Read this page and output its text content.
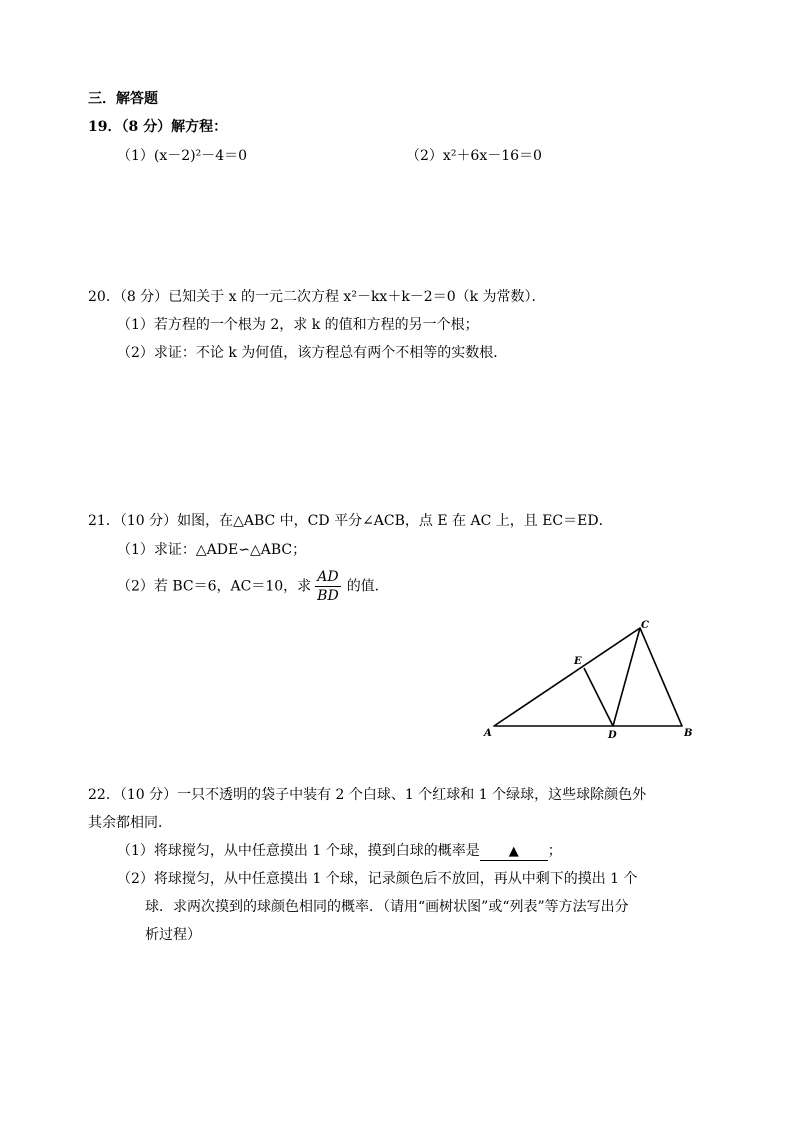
三．解答题
19．（8 分）解方程：
（1）(x－2)²－4＝0	（2）x²＋6x－16＝0
20．（8 分）已知关于 x 的一元二次方程 x²－kx＋k－2＝0（k 为常数）．
（1）若方程的一个根为 2，求 k 的值和方程的另一个根；
（2）求证：不论 k 为何值，该方程总有两个不相等的实数根．
21．（10 分）如图，在△ABC 中，CD 平分∠ACB，点 E 在 AC 上，且 EC＝ED．
（1）求证：△ADE∽△ABC；
（2）若 BC＝6，AC＝10，求 $\frac{AD}{BD}$ 的值．
A	B
C
D
E
22．（10 分）一只不透明的袋子中装有 2 个白球、1 个红球和 1 个绿球，这些球除颜色外
其余都相同．
（1）将球搅匀，从中任意摸出 1 个球，摸到白球的概率是 ▲ ；
（2）将球搅匀，从中任意摸出 1 个球，记录颜色后不放回，再从中剩下的摸出 1 个
球．求两次摸到的球颜色相同的概率．（请用“画树状图”或“列表”等方法写出分
析过程）
